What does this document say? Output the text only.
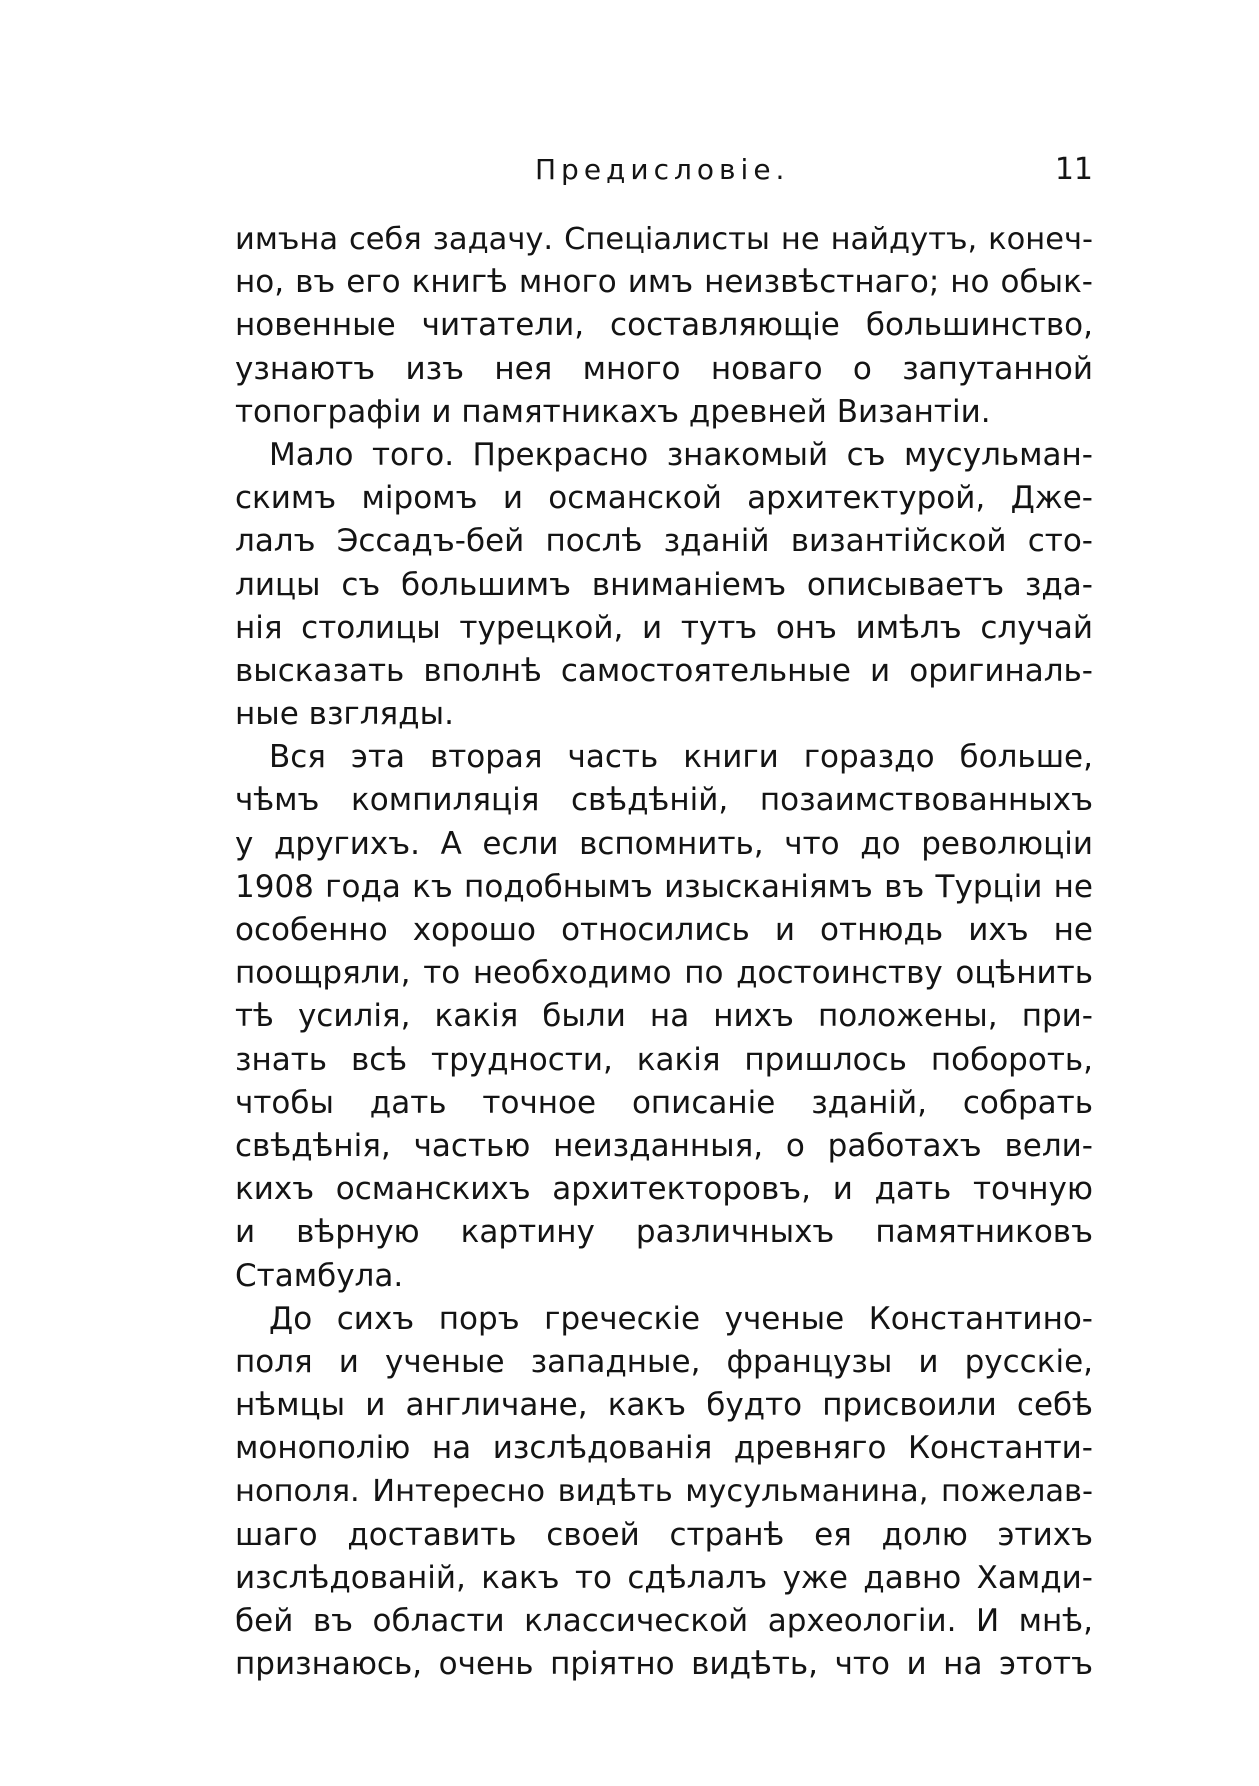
Предисловіе.	11
имъна себя задачу. Спеціалисты не найдутъ, конеч-
но, въ его книгѣ много имъ неизвѣстнаго; но обык-
новенные читатели, составляющіе большинство,
узнаютъ изъ нея много новаго о запутанной
топографіи и памятникахъ древней Византіи.
Мало того. Прекрасно знакомый съ мусульман-
скимъ міромъ и османской архитектурой, Дже-
лалъ Эссадъ-бей послѣ зданій византійской сто-
лицы съ большимъ вниманіемъ описываетъ зда-
нія столицы турецкой, и тутъ онъ имѣлъ случай
высказать вполнѣ самостоятельные и оригиналь-
ные взгляды.
Вся эта вторая часть книги гораздо больше,
чѣмъ компиляція свѣдѣній, позаимствованныхъ
у другихъ. А если вспомнить, что до революціи
1908 года къ подобнымъ изысканіямъ въ Турціи не
особенно хорошо относились и отнюдь ихъ не
поощряли, то необходимо по достоинству оцѣнить
тѣ усилія, какія были на нихъ положены, при-
знать всѣ трудности, какія пришлось побороть,
чтобы дать точное описаніе зданій, собрать
свѣдѣнія, частью неизданныя, о работахъ вели-
кихъ османскихъ архитекторовъ, и дать точную
и вѣрную картину различныхъ памятниковъ
Стамбула.
До сихъ поръ греческіе ученые Константино-
поля и ученые западные, французы и русскіе,
нѣмцы и англичане, какъ будто присвоили себѣ
монополію на изслѣдованія древняго Константи-
нополя. Интересно видѣть мусульманина, пожелав-
шаго доставить своей странѣ ея долю этихъ
изслѣдованій, какъ то сдѣлалъ уже давно Хамди-
бей въ области классической археологіи. И мнѣ,
признаюсь, очень пріятно видѣть, что и на этотъ
